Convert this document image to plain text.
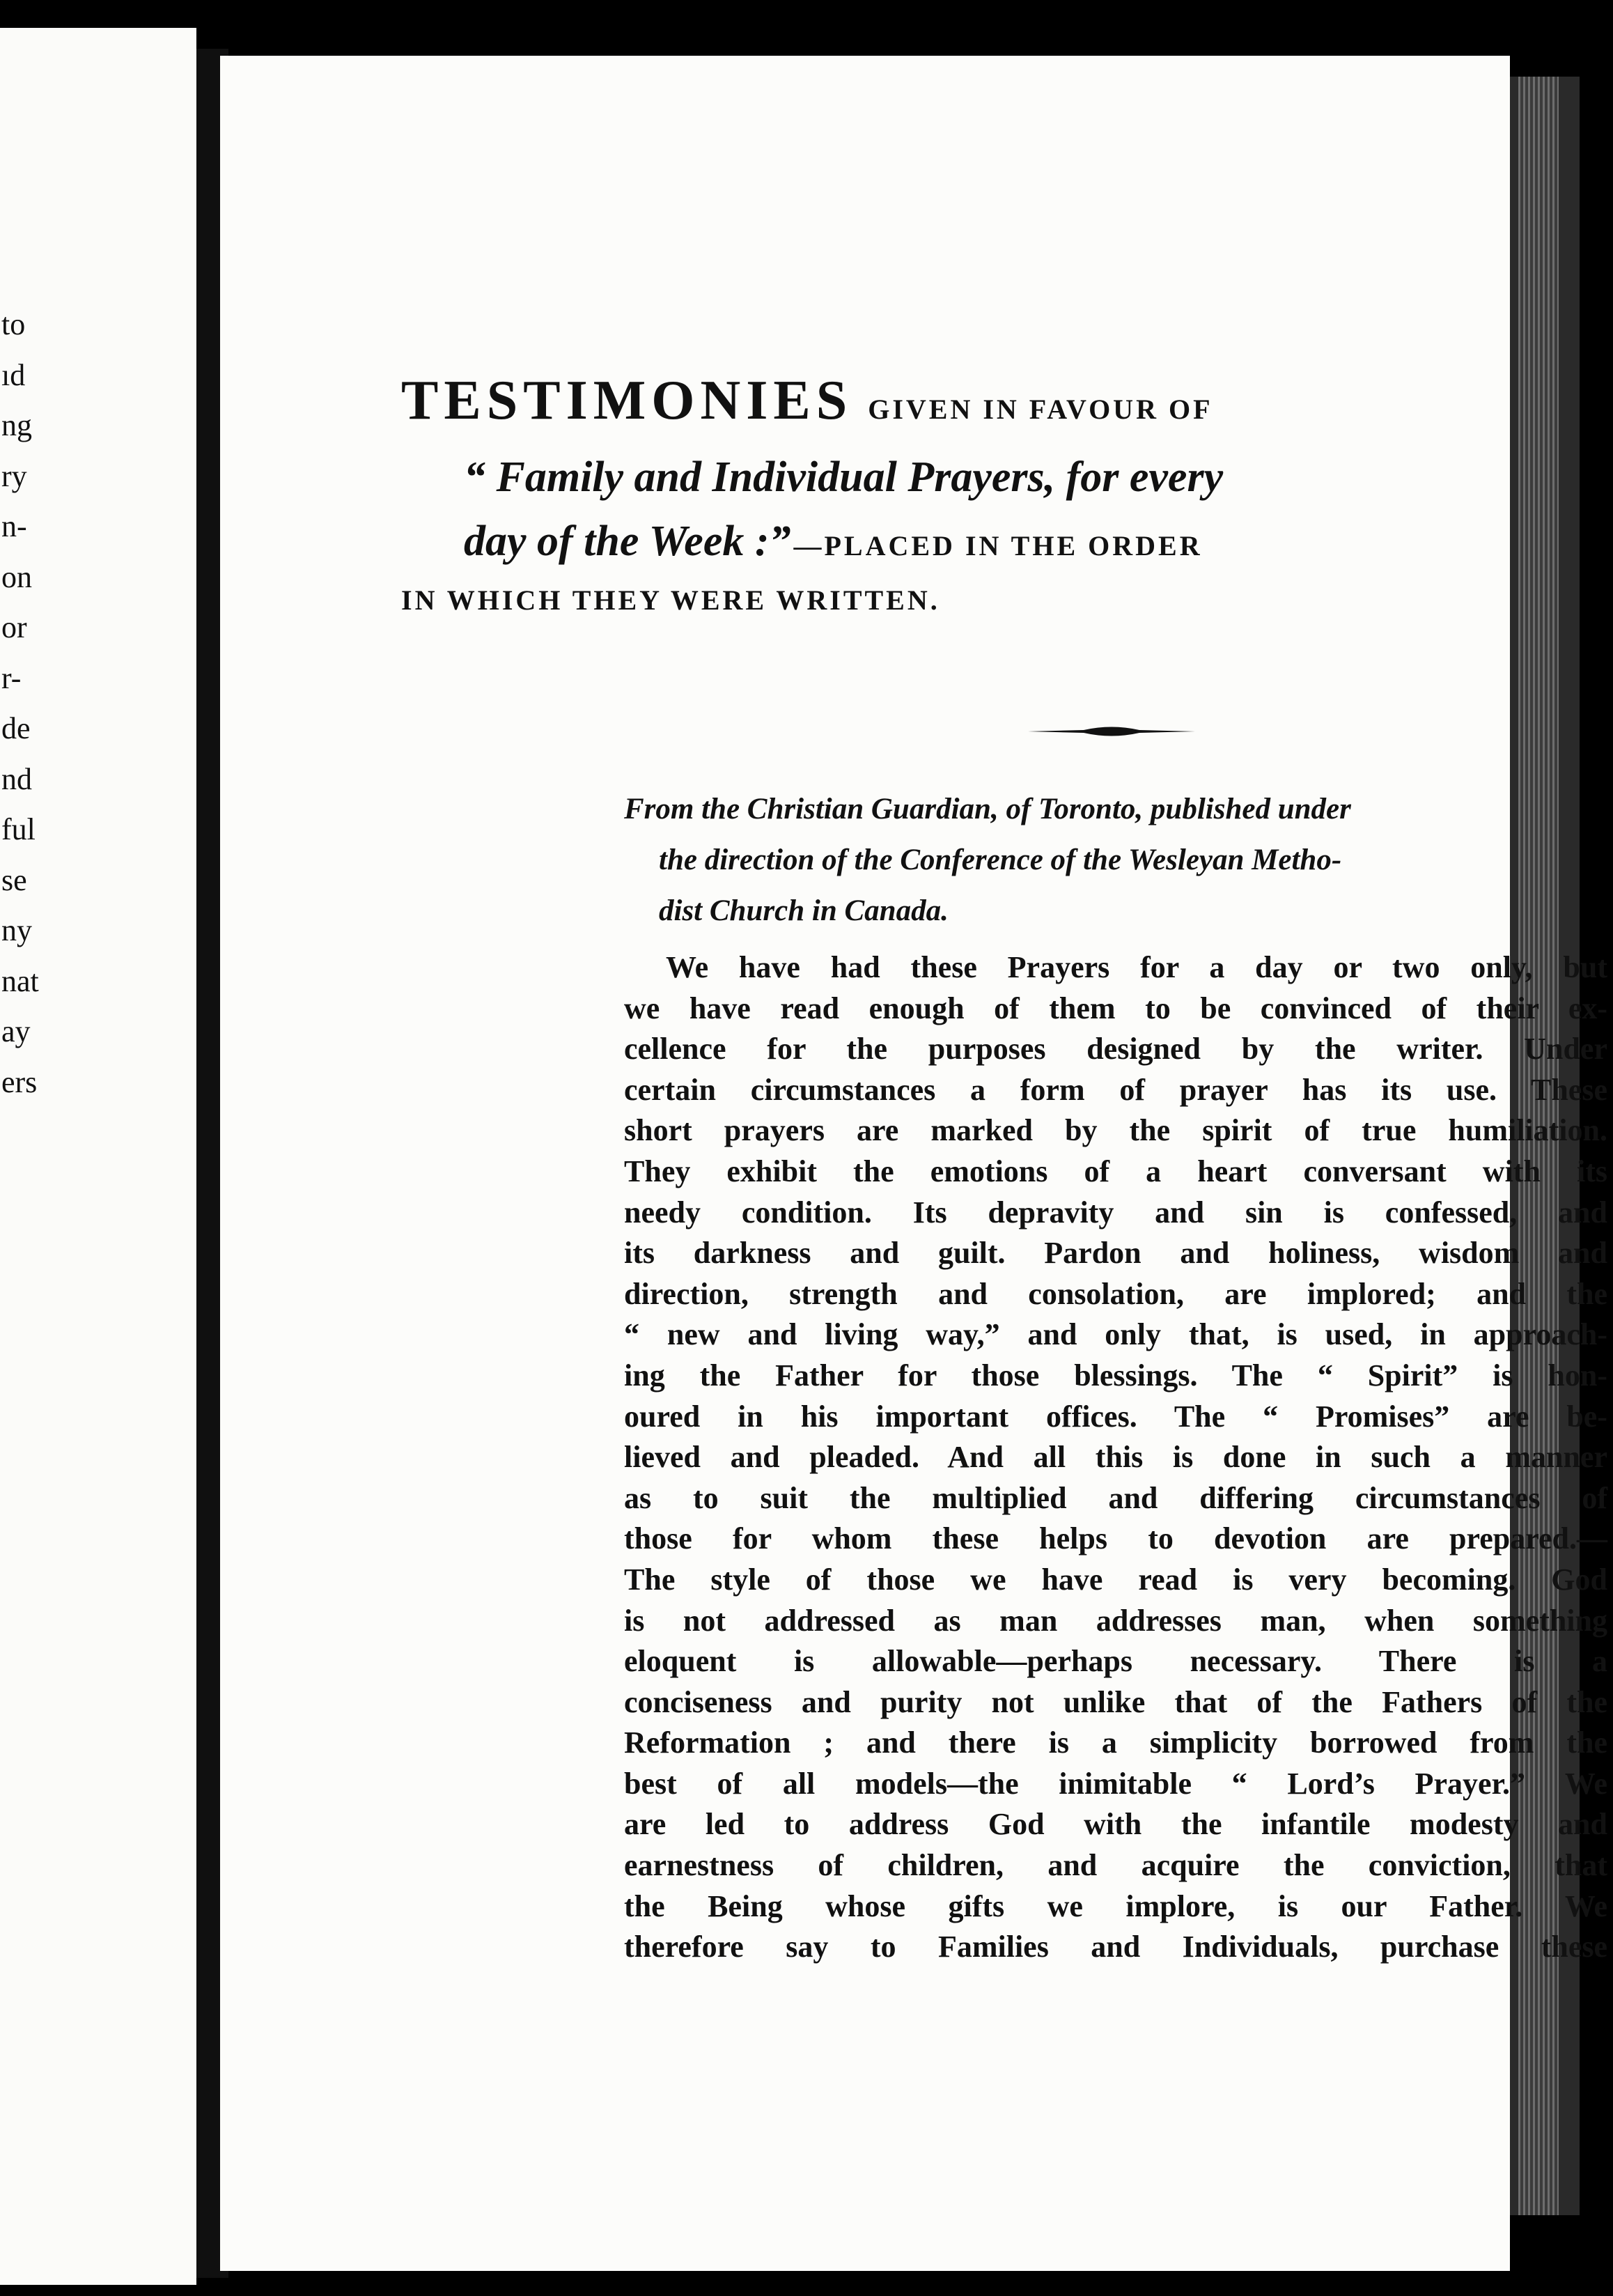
to
ıd
ng
ry
n-
on
or
r-
de
nd
ful
se
ny
nat
ay
ers
TESTIMONIES GIVEN IN FAVOUR OF
“ Family and Individual Prayers, for every
day of the Week :” —PLACED IN THE ORDER
IN WHICH THEY WERE WRITTEN.
From the Christian Guardian, of Toronto, published under
the direction of the Conference of the Wesleyan Metho-
dist Church in Canada.
We have had these Prayers for a day or two only, but
we have read enough of them to be convinced of their ex-
cellence for the purposes designed by the writer. Under
certain circumstances a form of prayer has its use. These
short prayers are marked by the spirit of true humiliation.
They exhibit the emotions of a heart conversant with its
needy condition. Its depravity and sin is confessed, and
its darkness and guilt. Pardon and holiness, wisdom and
direction, strength and consolation, are implored; and the
“ new and living way,” and only that, is used, in approach-
ing the Father for those blessings. The “ Spirit” is hon-
oured in his important offices. The “ Promises” are be-
lieved and pleaded. And all this is done in such a manner
as to suit the multiplied and differing circumstances of
those for whom these helps to devotion are prepared.—
The style of those we have read is very becoming. God
is not addressed as man addresses man, when something
eloquent is allowable—perhaps necessary. There is a
conciseness and purity not unlike that of the Fathers of the
Reformation ; and there is a simplicity borrowed from the
best of all models—the inimitable “ Lord’s Prayer.” We
are led to address God with the infantile modesty and
earnestness of children, and acquire the conviction, that
the Being whose gifts we implore, is our Father. We
therefore say to Families and Individuals, purchase these
